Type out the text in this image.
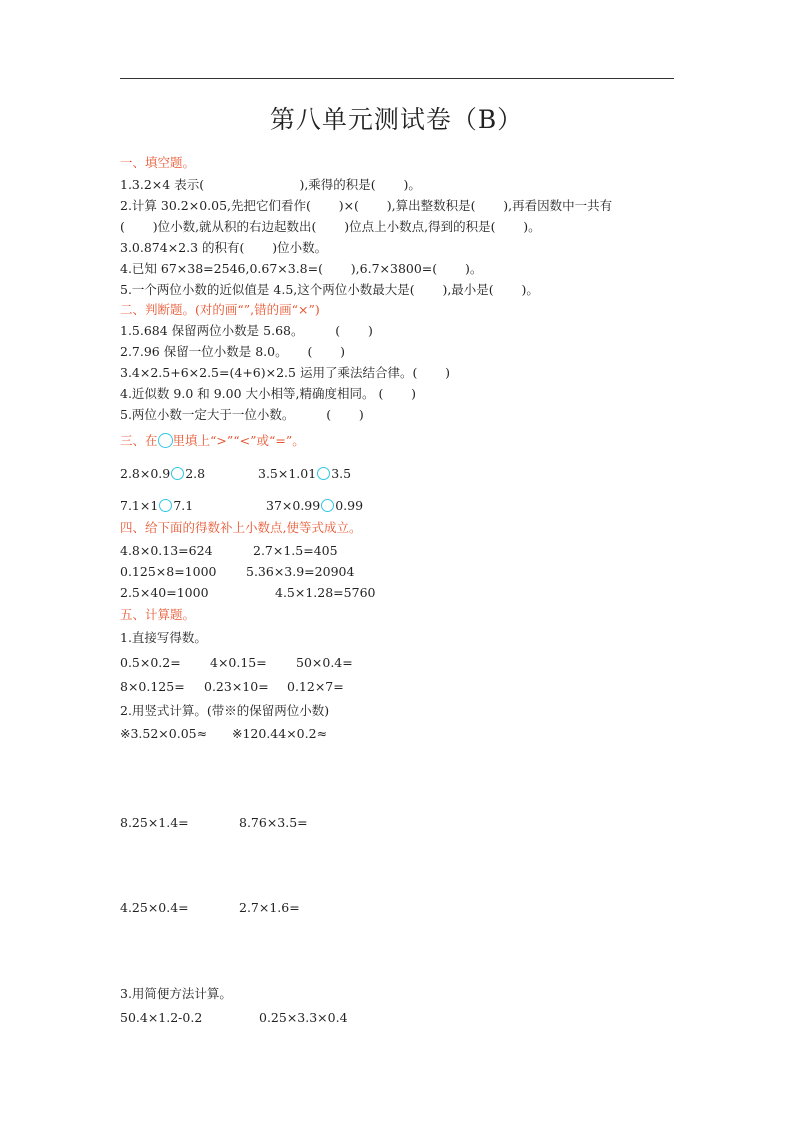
第八单元测试卷（B）
一、填空题。
1.3.2×4 表示(                        ),乘得的积是(       )。
2.计算 30.2×0.05,先把它们看作(       )×(       ),算出整数积是(       ),再看因数中一共有
(       )位小数,就从积的右边起数出(       )位点上小数点,得到的积是(       )。
3.0.874×2.3 的积有(       )位小数。
4.已知 67×38=2546,0.67×3.8=(       ),6.7×3800=(       )。
5.一个两位小数的近似值是 4.5,这个两位小数最大是(       ),最小是(       )。
二、判断题。(对的画“”,错的画“×”)
1.5.684 保留两位小数是 5.68。        (       )
2.7.96 保留一位小数是 8.0。     (       )
3.4×2.5+6×2.5=(4+6)×2.5 运用了乘法结合律。(       )
4.近似数 9.0 和 9.00 大小相等,精确度相同。 (       )
5.两位小数一定大于一位小数。        (       )
三、在 里填上“>”“<”或“=”。
2.8×0.9 2.8	3.5×1.01 3.5
7.1×1 7.1	37×0.99 0.99
四、给下面的得数补上小数点,使等式成立。
4.8×0.13=624	2.7×1.5=405
0.125×8=1000 5.36×3.9=20904
2.5×40=1000	4.5×1.28=5760
五、计算题。
1.直接写得数。
0.5×0.2= 4×0.15= 50×0.4=
8×0.125= 0.23×10= 0.12×7=
2.用竖式计算。(带※的保留两位小数)
※3.52×0.05≈ ※120.44×0.2≈
8.25×1.4=	8.76×3.5=
4.25×0.4=	2.7×1.6=
3.用简便方法计算。
50.4×1.2-0.2	0.25×3.3×0.4
